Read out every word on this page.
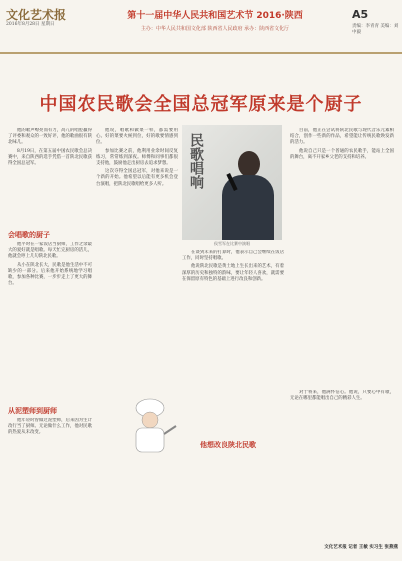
文化艺术报
2016年8月28日 星期日
第十一届中华人民共和国艺术节 2016·陕西
主办：中华人民共和国文化部 陕西省人民政府 承办：陕西省文化厅
A5
责编：李青青 美编：刘中毅
中国农民歌会全国总冠军原来是个厨子

他的歌声嘹亮而有力，高亢的唱腔赢得了评委和观众的一致好评，他的歌曲很有陕北味儿。

8月19日，在第五届中国农民歌会总决赛中，来自陕西的选手凭借一首陕北民歌获得全国总冠军。

会唱歌的厨子

他平时在一家饭店当厨师，工作之余最大的爱好就是唱歌。每天忙完厨房的活儿，他就会哼上几句陕北民歌。

从小在陕北长大，民歌是他生活中不可缺少的一部分。后来他开始系统地学习唱歌，参加各种比赛，一步步走上了更大的舞台。

从泥塑师到厨师

他年轻时曾做过泥塑师，后来因为生计改行当了厨师。无论做什么工作，他对民歌的热爱从未改变。

他说，唱歌和做菜一样，都需要用心。好的菜要火候到位，好的歌要情感到位。

参加比赛之前，他利用业余时间反复练习，常常练到深夜。师傅和同事们都很支持他，鼓励他走出厨房去追求梦想。

这次夺得全国总冠军，对他来说是一个新的开始。他希望以后能有更多机会登台演唱，把陕北民歌唱给更多人听。	民歌唱响
侯雪军在比赛中演唱

在谈到未来的打算时，他表示自己会继续在饭店工作，同时坚持唱歌。

他说陕北民歌是黄土地上生长出来的艺术，有着深厚的历史和独特的韵味，要让年轻人喜欢，就需要在保留原有特色的基础上进行改良和创新。

他想改良陕北民歌

目前，他正在尝试将陕北民歌与现代音乐元素相结合，创作一些新的作品，希望能让传统民歌焕发新的活力。

他说自己只是一个普通的农民歌手，能站上全国的舞台，离不开家乡父老的支持和培养。

对于将来，他满怀信心。他说，只要心中有歌，无论在哪里都能唱出自己的精彩人生。

文化艺术报 记者 王敏 实习生 张燕燕
